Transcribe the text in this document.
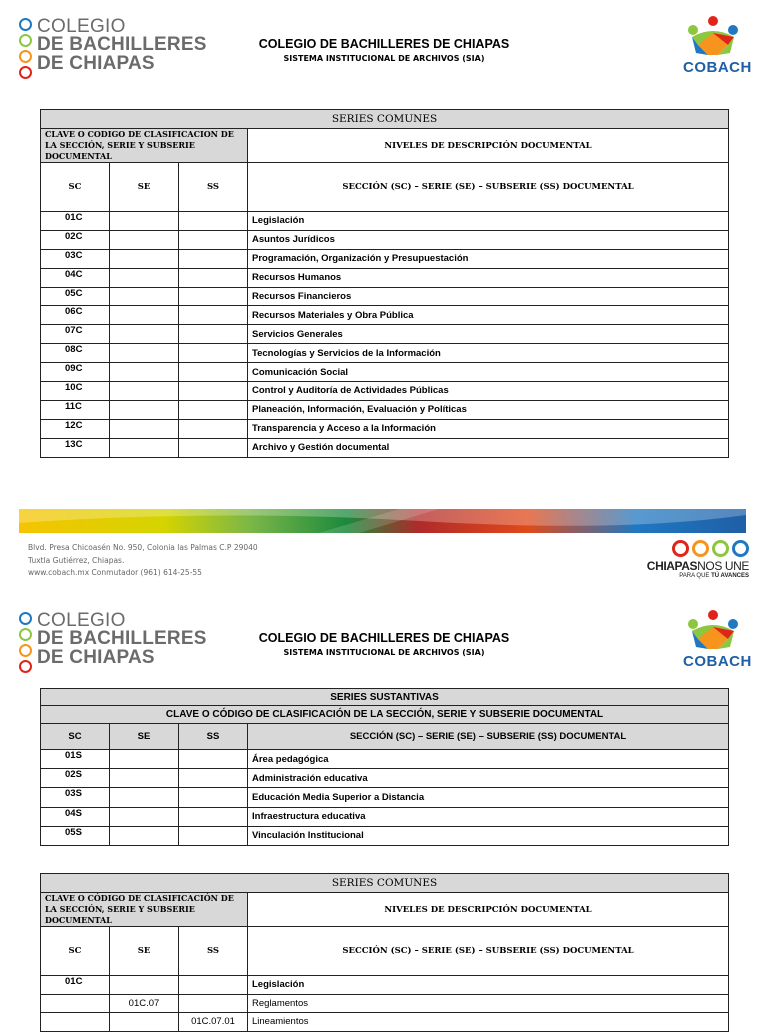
COLEGIO
DE BACHILLERES
DE CHIAPAS
COLEGIO DE BACHILLERES DE CHIAPAS
SISTEMA INSTITUCIONAL DE ARCHIVOS (SIA)
COBACH
SERIES COMUNES			
CLAVE O CODIGO DE CLASIFICACION DE LA SECCIÓN, SERIE Y SUBSERIE DOCUMENTAL			NIVELES DE DESCRIPCIÓN DOCUMENTAL
SC	SE	SS	SECCIÓN (SC) – SERIE (SE) – SUBSERIE (SS) DOCUMENTAL
01C			Legislación
02C			Asuntos Jurídicos
03C			Programación, Organización y Presupuestación
04C			Recursos Humanos
05C			Recursos Financieros
06C			Recursos Materiales y Obra Pública
07C			Servicios Generales
08C			Tecnologías y Servicios de la Información
09C			Comunicación Social
10C			Control y Auditoría de Actividades Públicas
11C			Planeación, Información, Evaluación y Políticas
12C			Transparencia y Acceso a la Información
13C			Archivo y Gestión documental
Blvd. Presa Chicoasén No. 950, Colonia las Palmas C.P 29040
Tuxtla Gutiérrez, Chiapas.
www.cobach.mx Conmutador (961) 614-25-55	CHIAPASNOS UNE
PARA QUE TÚ AVANCES
COLEGIO
DE BACHILLERES
DE CHIAPAS
COLEGIO DE BACHILLERES DE CHIAPAS
SISTEMA INSTITUCIONAL DE ARCHIVOS (SIA)
COBACH
SERIES SUSTANTIVAS			
CLAVE O CÓDIGO DE CLASIFICACIÓN DE LA SECCIÓN, SERIE Y SUBSERIE DOCUMENTAL			
SC	SE	SS	SECCIÓN (SC) – SERIE (SE) – SUBSERIE (SS) DOCUMENTAL
01S			Área pedagógica
02S			Administración educativa
03S			Educación Media Superior a Distancia
04S			Infraestructura educativa
05S			Vinculación Institucional
SERIES COMUNES			
CLAVE O CÓDIGO DE CLASIFICACIÓN DE LA SECCIÓN, SERIE Y SUBSERIE DOCUMENTAL			NIVELES DE DESCRIPCIÓN DOCUMENTAL
SC	SE	SS	SECCIÓN (SC) – SERIE (SE) – SUBSERIE (SS) DOCUMENTAL
01C			Legislación
	01C.07		Reglamentos
		01C.07.01	Lineamientos
